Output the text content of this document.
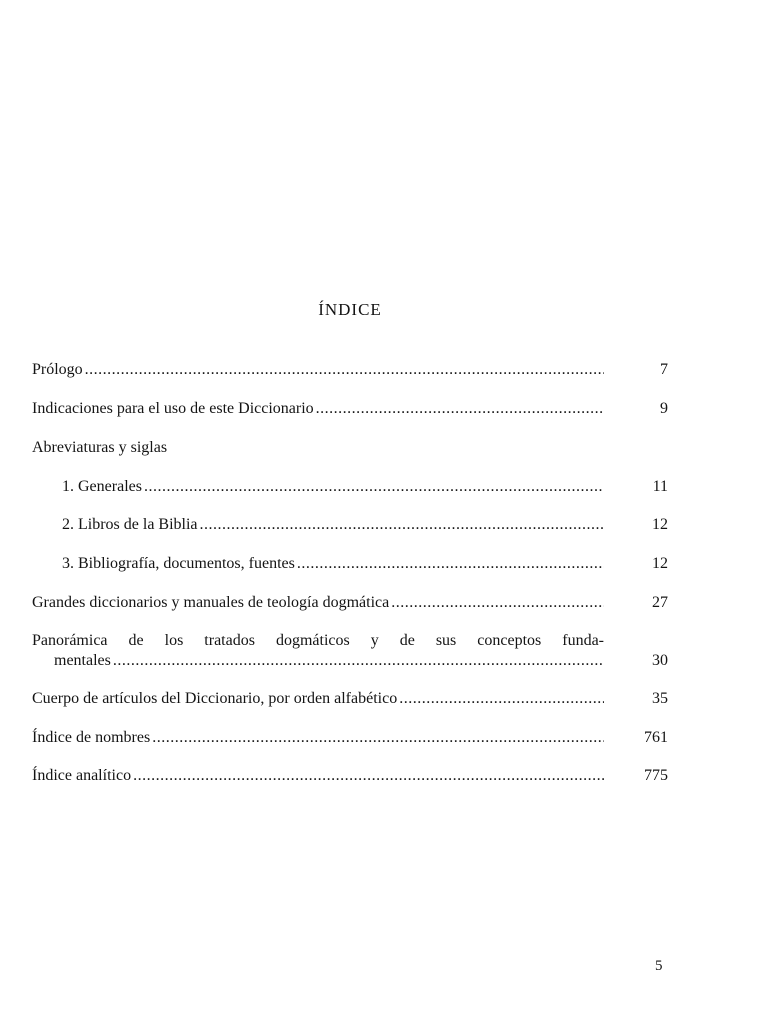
ÍNDICE
Prólogo .....	7
Indicaciones para el uso de este Diccionario .....	9
Abreviaturas y siglas
1. Generales .....	11
2. Libros de la Biblia .....	12
3. Bibliografía, documentos, fuentes .....	12
Grandes diccionarios y manuales de teología dogmática .....	27
Panorámica de los tratados dogmáticos y de sus conceptos funda-
mentales .....	30
Cuerpo de artículos del Diccionario, por orden alfabético .....	35
Índice de nombres .....	761
Índice analítico .....	775
5
